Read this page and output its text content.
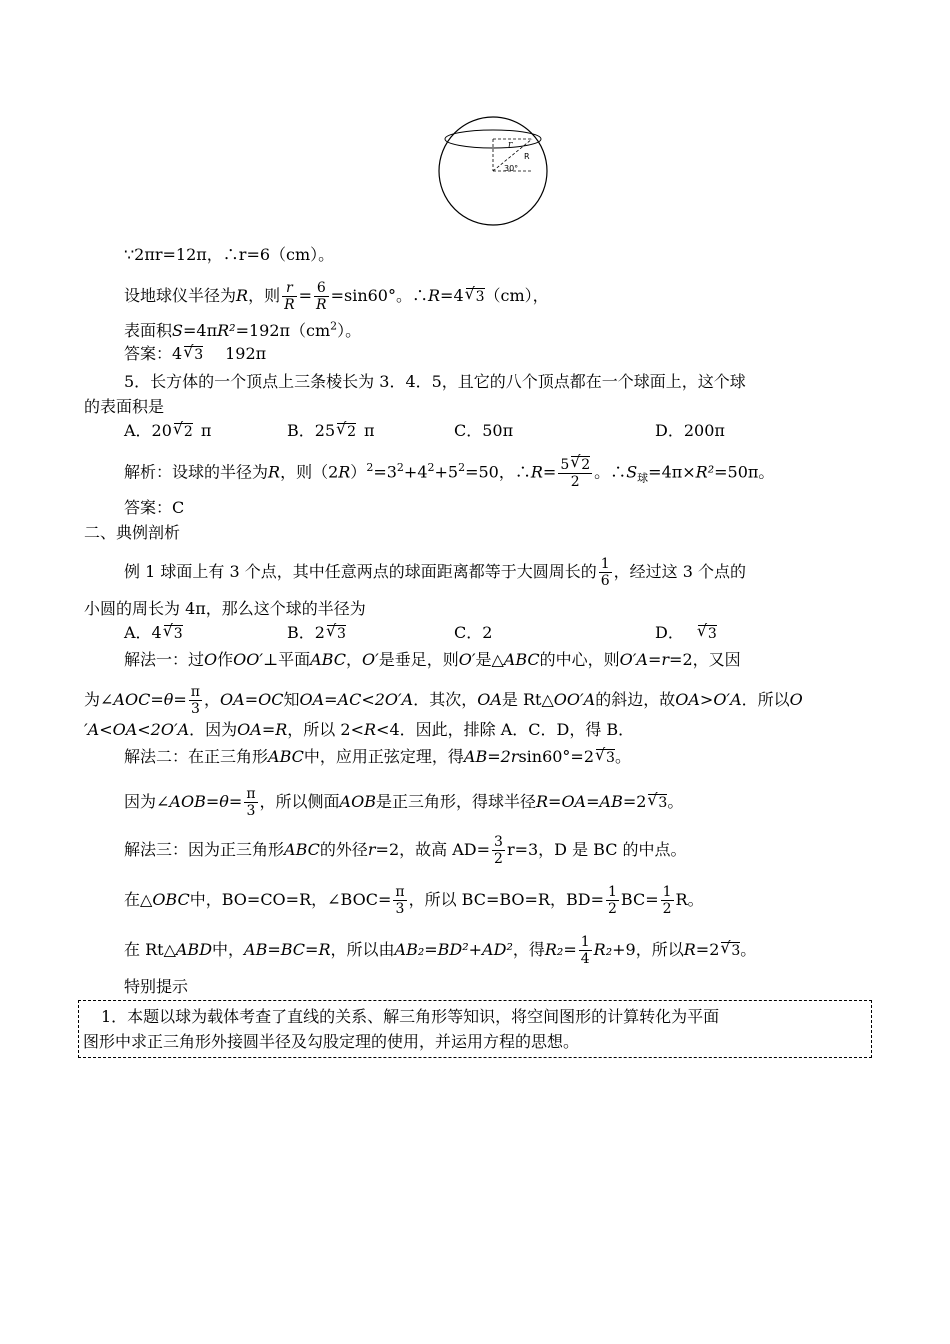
r
R
30°
∵2πr=12π，∴r=6（cm）。
设地球仪半径为R，则 $\frac{r}{R} = \frac{6}{R} =\sin 60^\circ$。∴R=4 √ 3（cm），
表面积$S=4\pi R^2=192\pi(cm^2)$。
答案：4 √ 3 192π
5．长方体的一个顶点上三条棱长为 3．4．5，且它的八个顶点都在一个球面上，这个球
的表面积是
A．20 √ 2 π	B．25 √ 2 π	C．50π	D．200π
解析：设球的半径为R，则$(2R)^2=3^2+4^2+5^2=50$，∴R= $\frac{5 √ 2}{2}$ 。$\therefore S_球=4\pi\times R^2=50\pi$。
答案：C
二、典例剖析
例 1 球面上有 3 个点，其中任意两点的球面距离都等于大圆周长的 $\frac{1}{6}$ ，经过这 3 个点的
小圆的周长为 4π，那么这个球的半径为
A．4 √ 3	B．2 √ 3	C．2	D． √ 3
解法一：过O作OO′⊥平面ABC，O′是垂足，则O′是△ABC的中心，则O′A=r=2，又因
为∠AOC=θ= $\frac{\pi}{3}$ ，OA=OC知OA=AC<2O′A．其次，OA是 Rt△OO′A的斜边，故OA>O′A．所以O
′A<OA<2O′A．因为OA=R，所以 2<R<4．因此，排除 A．C．D，得 B．
解法二：在正三角形ABC中，应用正弦定理，得AB=2rsin60°=2 √ 3。
因为∠AOB=θ= $\frac{\pi}{3}$ ，所以侧面AOB是正三角形，得球半径R=OA=AB=2 √ 3。
解法三：因为正三角形ABC的外径r=2，故高 $AD= \frac{3}{2} r=3$，D 是 BC 的中点。
在△OBC中，BO=CO=R，∠BOC= $\frac{\pi}{3}$ ，所以 BC=BO=R，$BD= \frac{1}{2} BC= \frac{1}{2}$ R。
在 Rt△ABD中，AB=BC=R，所以由AB₂=BD²+AD²，得$R_2= \frac{1}{4} R_2+9$，所以R=2 √ 3。
特别提示
1．本题以球为载体考查了直线的关系、解三角形等知识，将空间图形的计算转化为平面
图形中求正三角形外接圆半径及勾股定理的使用，并运用方程的思想。
